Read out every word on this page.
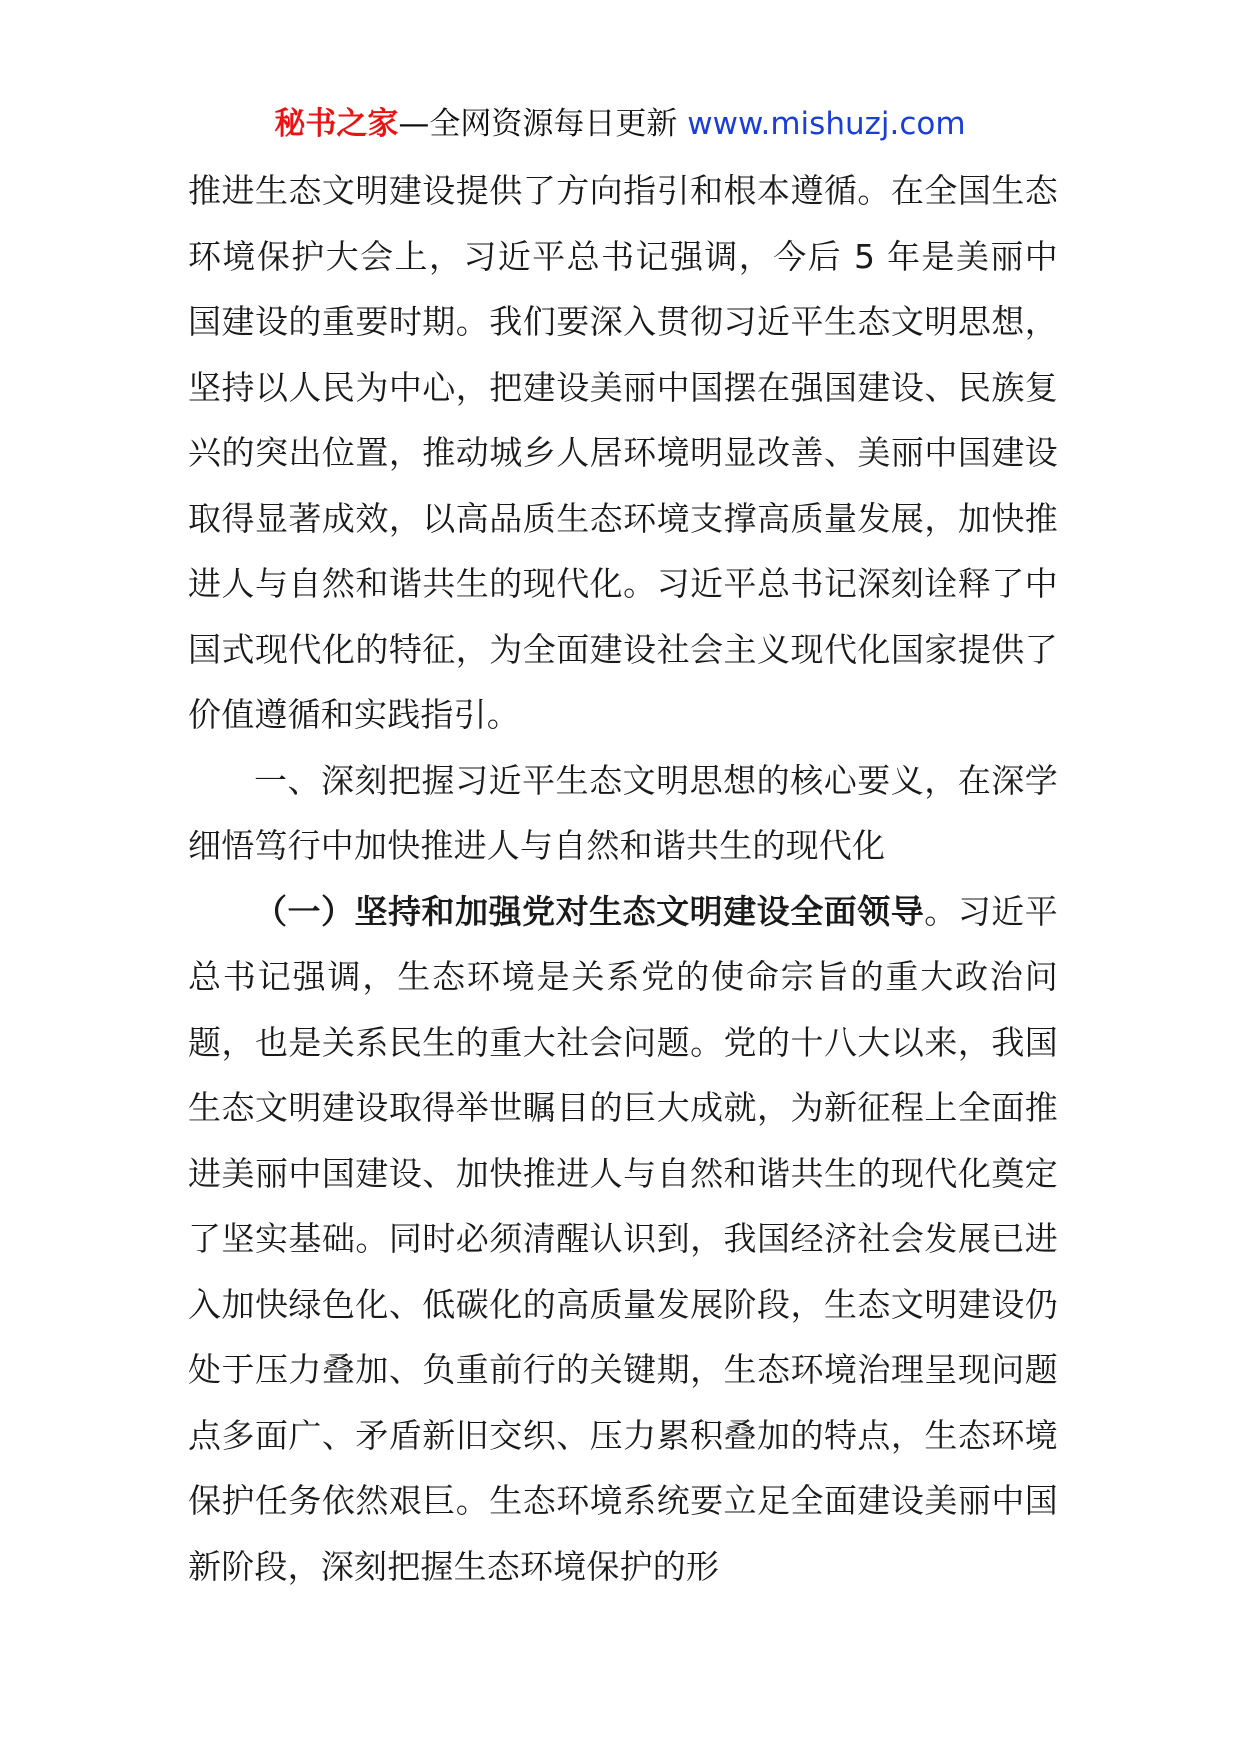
秘书之家—全网资源每日更新 www.mishuzj.com

推进生态文明建设提供了方向指引和根本遵循。在全国生态环境保护大会上，习近平总书记强调，今后 5 年是美丽中国建设的重要时期。我们要深入贯彻习近平生态文明思想，坚持以人民为中心，把建设美丽中国摆在强国建设、民族复兴的突出位置，推动城乡人居环境明显改善、美丽中国建设取得显著成效，以高品质生态环境支撑高质量发展，加快推进人与自然和谐共生的现代化。习近平总书记深刻诠释了中国式现代化的特征，为全面建设社会主义现代化国家提供了价值遵循和实践指引。

一、深刻把握习近平生态文明思想的核心要义，在深学细悟笃行中加快推进人与自然和谐共生的现代化

（一）坚持和加强党对生态文明建设全面领导。习近平总书记强调，生态环境是关系党的使命宗旨的重大政治问题，也是关系民生的重大社会问题。党的十八大以来，我国生态文明建设取得举世瞩目的巨大成就，为新征程上全面推进美丽中国建设、加快推进人与自然和谐共生的现代化奠定了坚实基础。同时必须清醒认识到，我国经济社会发展已进入加快绿色化、低碳化的高质量发展阶段，生态文明建设仍处于压力叠加、负重前行的关键期，生态环境治理呈现问题点多面广、矛盾新旧交织、压力累积叠加的特点，生态环境保护任务依然艰巨。生态环境系统要立足全面建设美丽中国新阶段，深刻把握生态环境保护的形
